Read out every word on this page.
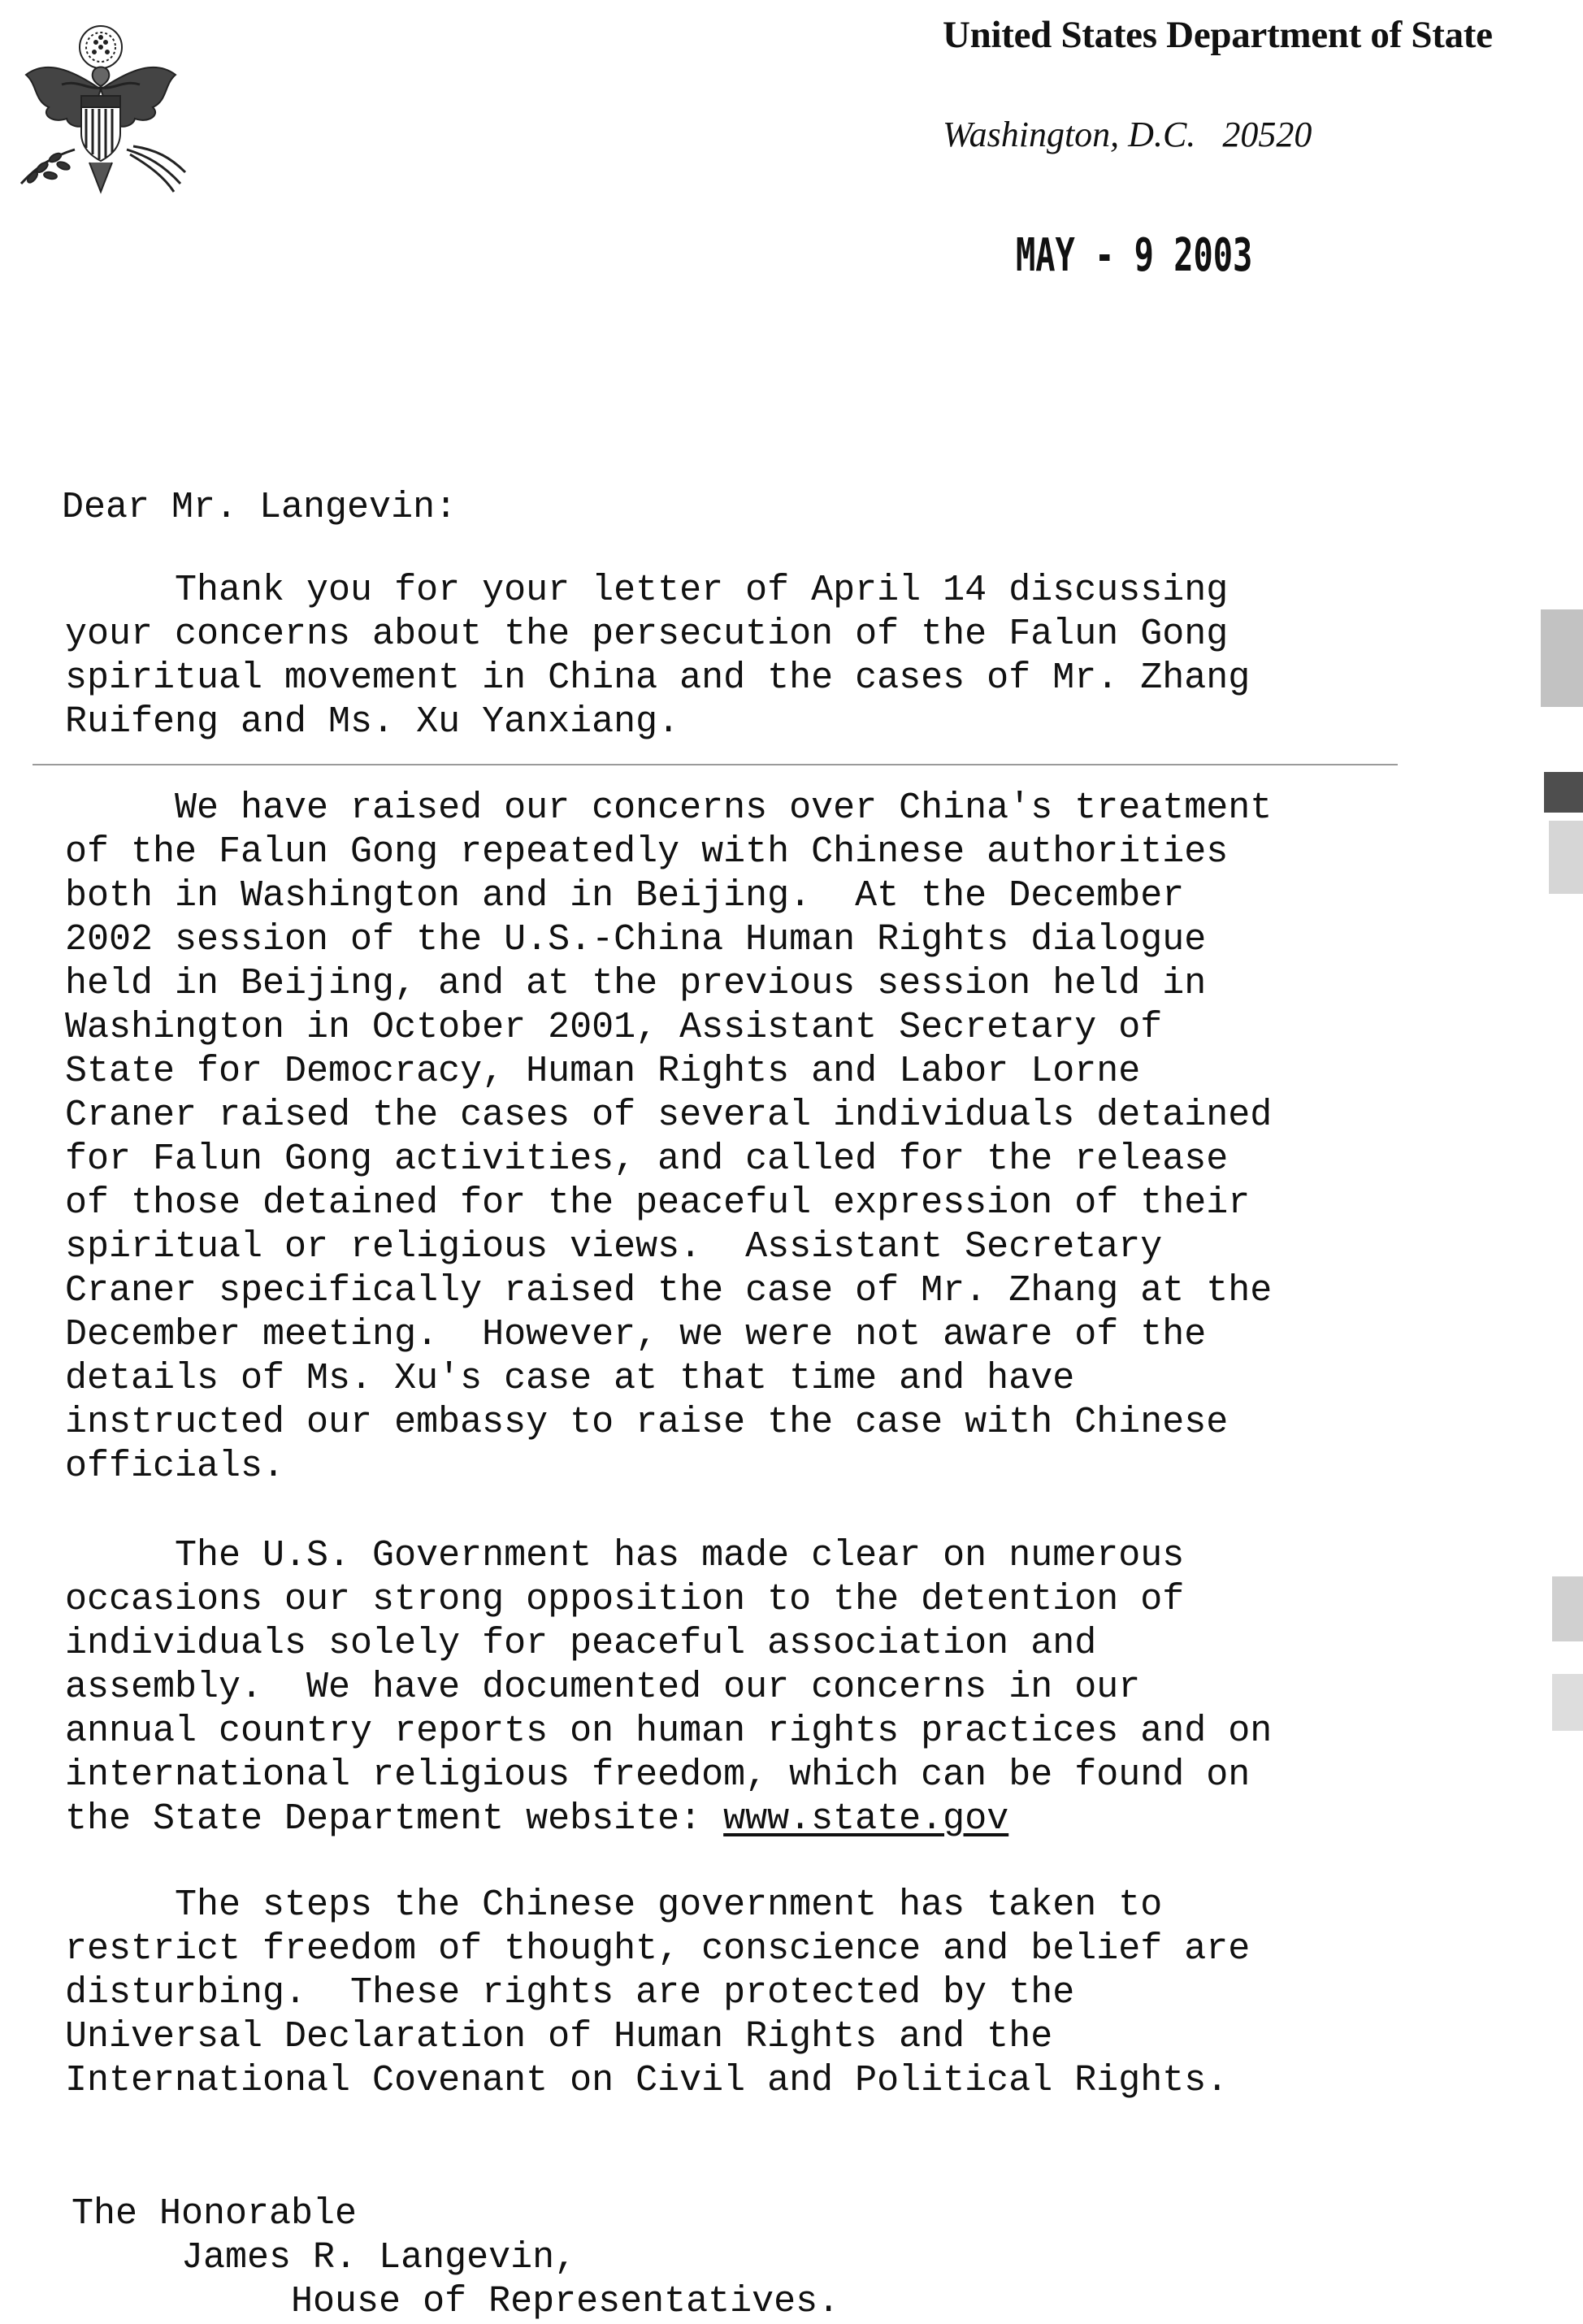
United States Department of State
Washington, D.C. 20520
MAY - 9 2003
Dear Mr. Langevin:
Thank you for your letter of April 14 discussing
your concerns about the persecution of the Falun Gong
spiritual movement in China and the cases of Mr. Zhang
Ruifeng and Ms. Xu Yanxiang.
We have raised our concerns over China's treatment
of the Falun Gong repeatedly with Chinese authorities
both in Washington and in Beijing.  At the December
2002 session of the U.S.-China Human Rights dialogue
held in Beijing, and at the previous session held in
Washington in October 2001, Assistant Secretary of
State for Democracy, Human Rights and Labor Lorne
Craner raised the cases of several individuals detained
for Falun Gong activities, and called for the release
of those detained for the peaceful expression of their
spiritual or religious views.  Assistant Secretary
Craner specifically raised the case of Mr. Zhang at the
December meeting.  However, we were not aware of the
details of Ms. Xu's case at that time and have
instructed our embassy to raise the case with Chinese
officials.
The U.S. Government has made clear on numerous
occasions our strong opposition to the detention of
individuals solely for peaceful association and
assembly.  We have documented our concerns in our
annual country reports on human rights practices and on
international religious freedom, which can be found on
the State Department website: www.state.gov
The steps the Chinese government has taken to
restrict freedom of thought, conscience and belief are
disturbing.  These rights are protected by the
Universal Declaration of Human Rights and the
International Covenant on Civil and Political Rights.
The Honorable
James R. Langevin,
House of Representatives.
